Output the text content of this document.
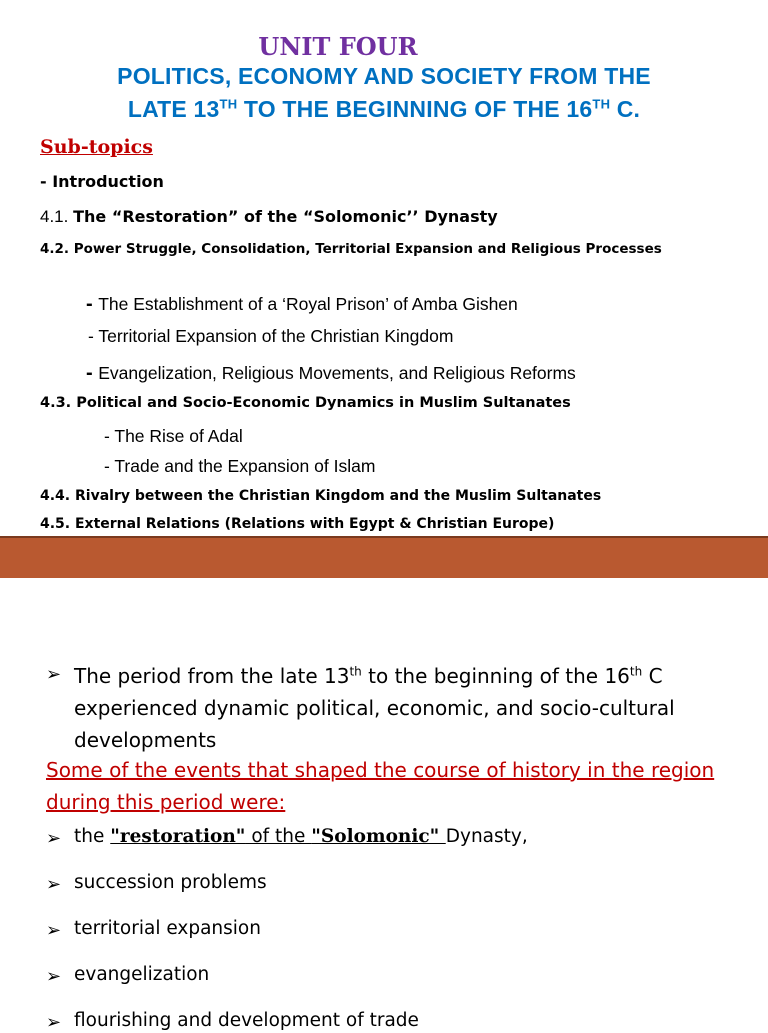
UNIT FOUR
POLITICS, ECONOMY AND SOCIETY FROM THE
LATE 13TH TO THE BEGINNING OF THE 16TH C.
Sub-topics
- Introduction
4.1. The “Restoration” of the “Solomonic’’ Dynasty
4.2. Power Struggle, Consolidation, Territorial Expansion and Religious Processes
- The Establishment of a ‘Royal Prison’ of Amba Gishen
- Territorial Expansion of the Christian Kingdom
- Evangelization, Religious Movements, and Religious Reforms
4.3. Political and Socio-Economic Dynamics in Muslim Sultanates
- The Rise of Adal
- Trade and the Expansion of Islam
4.4. Rivalry between the Christian Kingdom and the Muslim Sultanates
4.5. External Relations (Relations with Egypt & Christian Europe)
➢ The period from the late 13th to the beginning of the 16th C experienced dynamic political, economic, and socio-cultural developments
Some of the events that shaped the course of history in the region during this period were:
➢ the "restoration" of the "Solomonic" Dynasty,
➢ succession problems
➢ territorial expansion
➢ evangelization
➢ flourishing and development of trade
